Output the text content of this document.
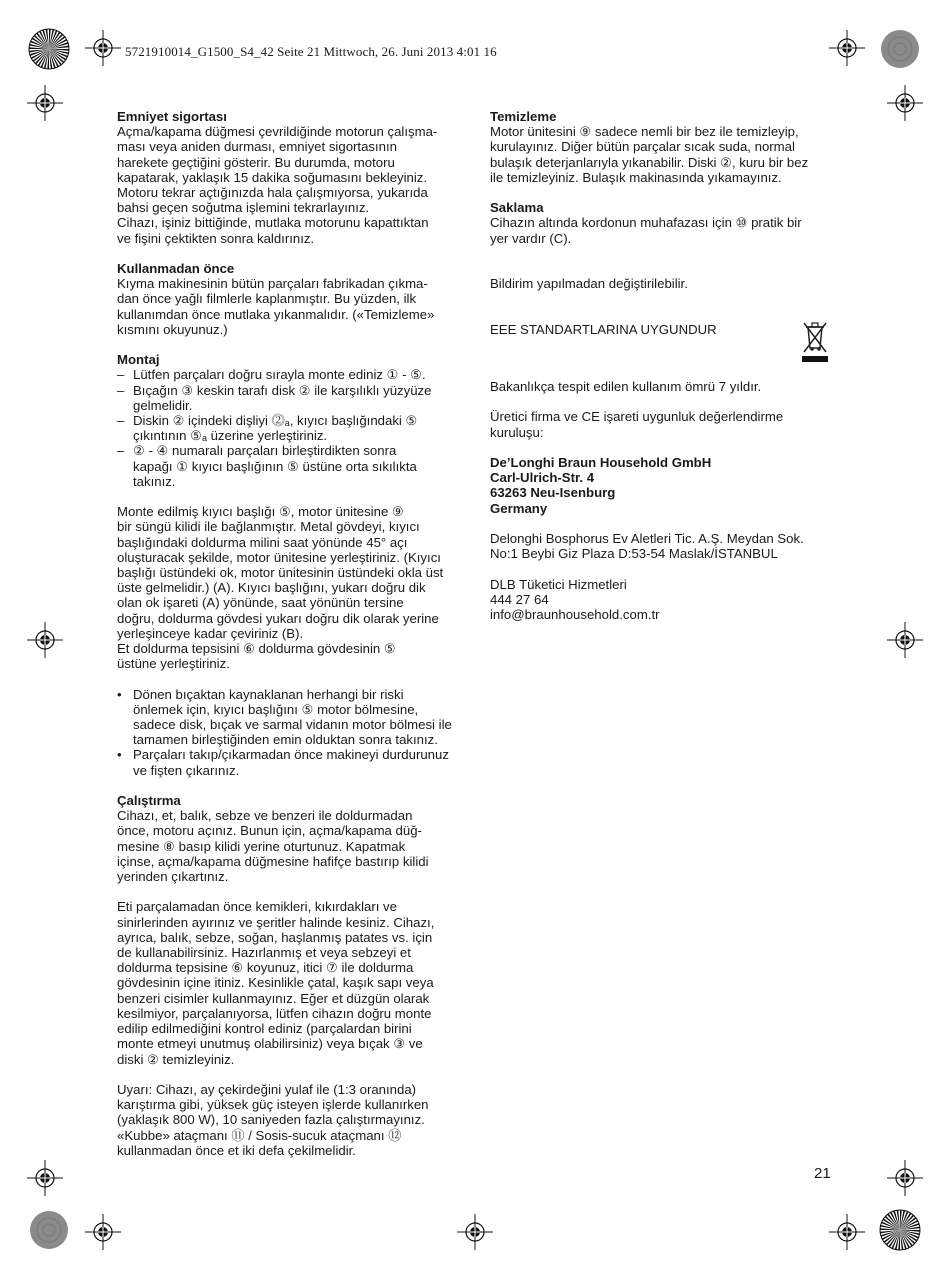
5721910014_G1500_S4_42 Seite 21 Mittwoch, 26. Juni 2013 4:01 16

Emniyet sigortası

Açma/kapama düğmesi çevrildiğinde motorun çalışma-
ması veya aniden durması, emniyet sigortasının
harekete geçtiğini gösterir. Bu durumda, motoru
kapatarak, yaklaşık 15 dakika soğumasını bekleyiniz.
Motoru tekrar açtığınızda hala çalışmıyorsa, yukarıda
bahsi geçen soğutma işlemini tekrarlayınız.
Cihazı, işiniz bittiğinde, mutlaka motorunu kapattıktan
ve fişini çektikten sonra kaldırınız.

Kullanmadan önce

Kıyma makinesinin bütün parçaları fabrikadan çıkma-
dan önce yağlı filmlerle kaplanmıştır. Bu yüzden, ilk
kullanımdan önce mutlaka yıkanmalıdır. («Temizleme»
kısmını okuyunuz.)

Montaj

– Lütfen parçaları doğru sırayla monte ediniz ① - ⑤.
– Bıçağın ③ keskin tarafı disk ② ile karşılıklı yüzyüze
gelmelidir.
– Diskin ② içindeki dişliyi ⓶ₐ, kıyıcı başlığındaki ⑤
çıkıntının ⑤ₐ üzerine yerleştiriniz.
– ② - ④ numaralı parçaları birleştirdikten sonra
kapağı ① kıyıcı başlığının ⑤ üstüne orta sıkılıkta
takınız.
Monte edilmiş kıyıcı başlığı ⑤, motor ünitesine ⑨
bir süngü kilidi ile bağlanmıştır. Metal gövdeyi, kıyıcı
başlığındaki doldurma milini saat yönünde 45° açı
oluşturacak şekilde, motor ünitesine yerleştiriniz. (Kıyıcı
başlığı üstündeki ok, motor ünitesinin üstündeki okla üst
üste gelmelidir.) (A). Kıyıcı başlığını, yukarı doğru dik
olan ok işareti (A) yönünde, saat yönünün tersine
doğru, doldurma gövdesi yukarı doğru dik olarak yerine
yerleşinceye kadar çeviriniz (B).
Et doldurma tepsisini ⑥ doldurma gövdesinin ⑤
üstüne yerleştiriniz.
• Dönen bıçaktan kaynaklanan herhangi bir riski
önlemek için, kıyıcı başlığını ⑤ motor bölmesine,
sadece disk, bıçak ve sarmal vidanın motor bölmesi ile
tamamen birleştiğinden emin olduktan sonra takınız.
• Parçaları takıp/çıkarmadan önce makineyi durdurunuz
ve fişten çıkarınız.

Çalıştırma

Cihazı, et, balık, sebze ve benzeri ile doldurmadan
önce, motoru açınız. Bunun için, açma/kapama düğ-
mesine ⑧ basıp kilidi yerine oturtunuz. Kapatmak
içinse, açma/kapama düğmesine hafifçe bastırıp kilidi
yerinden çıkartınız.
Eti parçalamadan önce kemikleri, kıkırdakları ve
sinirlerinden ayırınız ve şeritler halinde kesiniz. Cihazı,
ayrıca, balık, sebze, soğan, haşlanmış patates vs. için
de kullanabilirsiniz. Hazırlanmış et veya sebzeyi et
doldurma tepsisine ⑥ koyunuz, itici ⑦ ile doldurma
gövdesinin içine itiniz. Kesinlikle çatal, kaşık sapı veya
benzeri cisimler kullanmayınız. Eğer et düzgün olarak
kesilmiyor, parçalanıyorsa, lütfen cihazın doğru monte
edilip edilmediğini kontrol ediniz (parçalardan birini
monte etmeyi unutmuş olabilirsiniz) veya bıçak ③ ve
diski ② temizleyiniz.
Uyarı: Cihazı, ay çekirdeğini yulaf ile (1:3 oranında)
karıştırma gibi, yüksek güç isteyen işlerde kullanırken
(yaklaşık 800 W), 10 saniyeden fazla çalıştırmayınız.
«Kubbe» ataçmanı ⑪ / Sosis-sucuk ataçmanı ⑫
kullanmadan önce et iki defa çekilmelidir.

Temizleme

Motor ünitesini ⑨ sadece nemli bir bez ile temizleyip,
kurulayınız. Diğer bütün parçalar sıcak suda, normal
bulaşık deterjanlarıyla yıkanabilir. Diski ②, kuru bir bez
ile temizleyiniz. Bulaşık makinasında yıkamayınız.

Saklama

Cihazın altında kordonun muhafazası için ⑩ pratik bir
yer vardır (C).

Bildirim yapılmadan değiştirilebilir.

EEE STANDARTLARINA UYGUNDUR

Bakanlıkça tespit edilen kullanım ömrü 7 yıldır.

Üretici firma ve CE işareti uygunluk değerlendirme
kuruluşu:
De’Longhi Braun Household GmbH
Carl-Ulrich-Str. 4
63263 Neu-Isenburg
Germany
Delonghi Bosphorus Ev Aletleri Tic. A.Ş. Meydan Sok.
No:1 Beybi Giz Plaza D:53-54 Maslak/İSTANBUL
DLB Tüketici Hizmetleri
444 27 64
info@braunhousehold.com.tr
21
